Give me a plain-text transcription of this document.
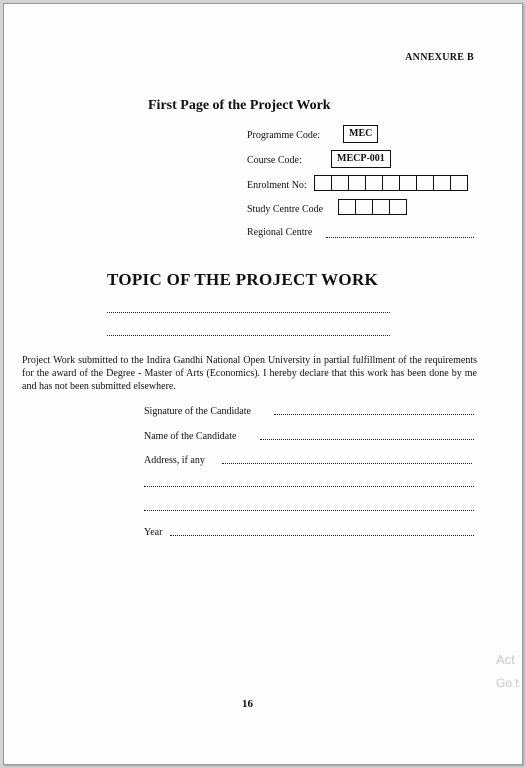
ANNEXURE B
First Page of the Project Work
Programme Code:	MEC
Course Code:	MECP-001
Enrolment No:
Study Centre Code
Regional Centre
TOPIC OF THE PROJECT WORK
Project Work submitted to the Indira Gandhi National Open University in partial fulfillment of the requirements for the award of the Degree - Master of Arts (Economics). I hereby declare that this work has been done by me and has not been submitted elsewhere.
Signature of the Candidate
Name of the Candidate
Address, if any
Year
16
Act
Go t
